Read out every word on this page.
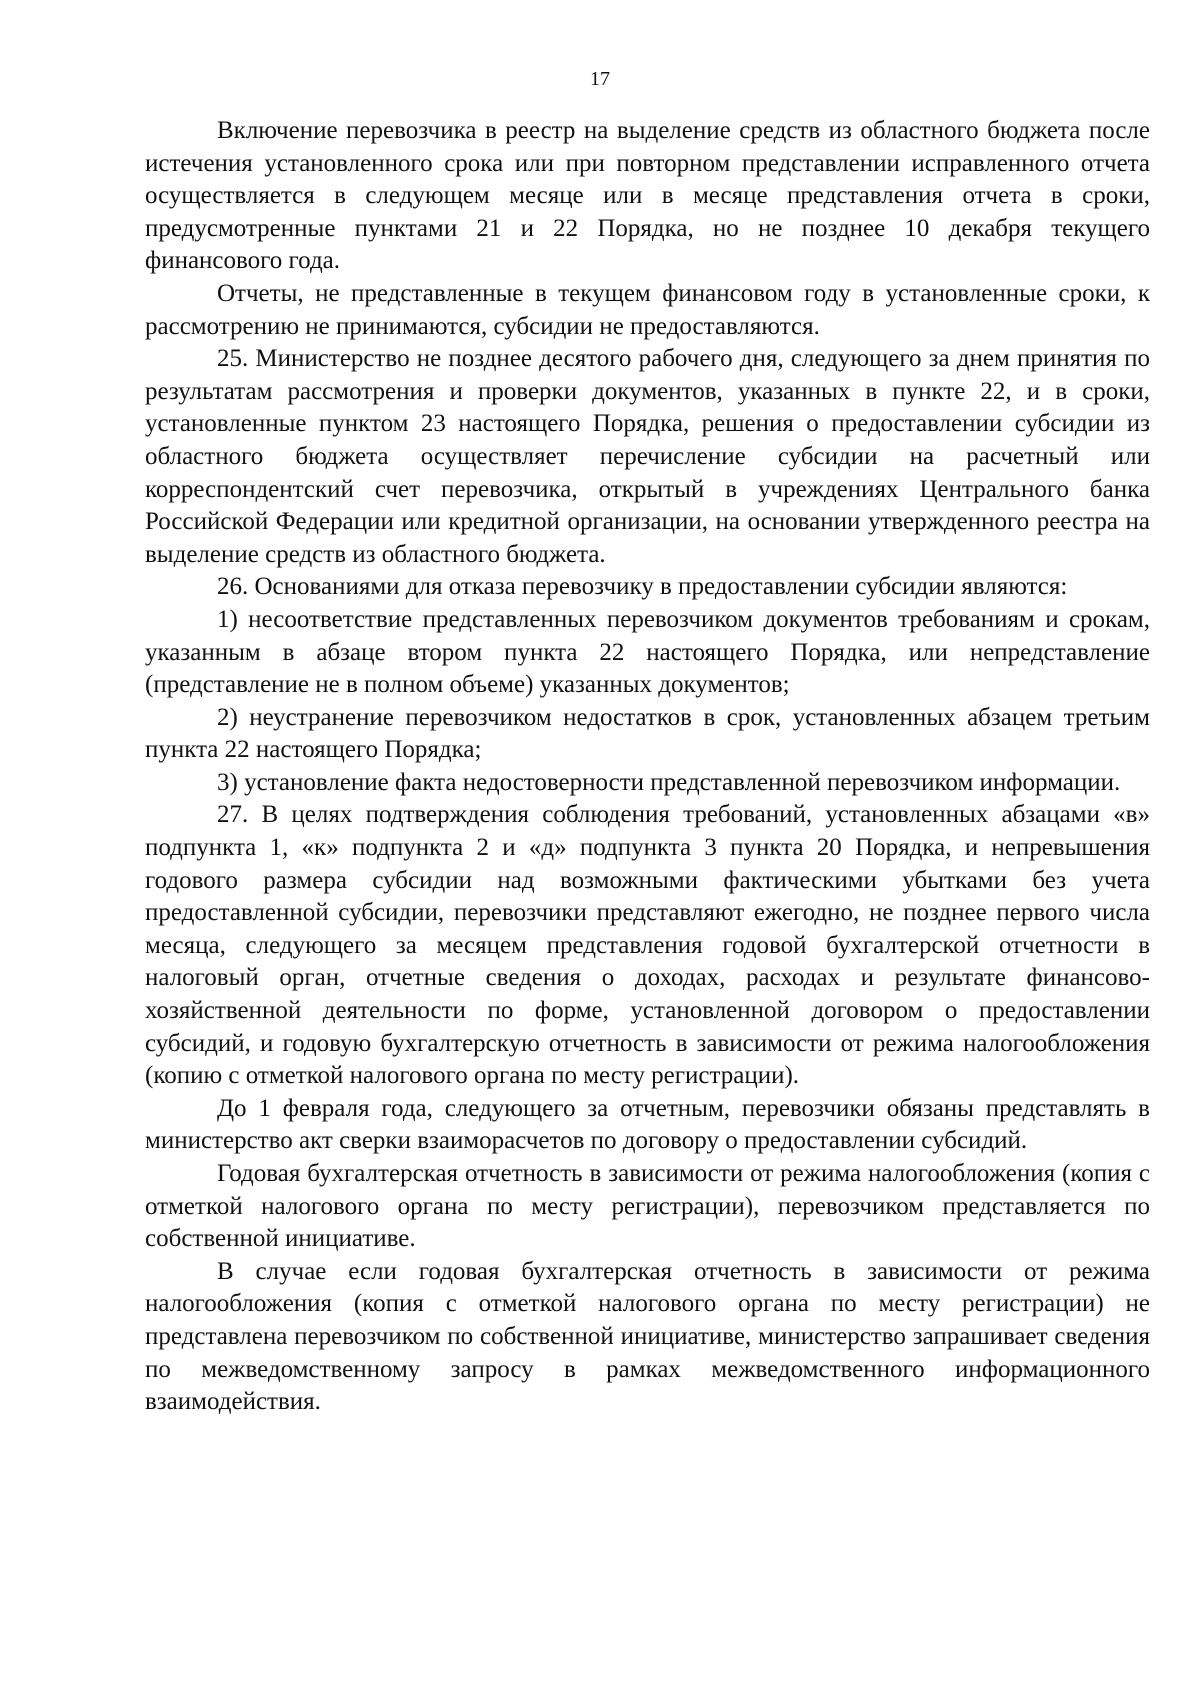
17

Включение перевозчика в реестр на выделение средств из областного бюджета после истечения установленного срока или при повторном представлении исправленного отчета осуществляется в следующем месяце или в месяце представления отчета в сроки, предусмотренные пунктами 21 и 22 Порядка, но не позднее 10 декабря текущего финансового года.

Отчеты, не представленные в текущем финансовом году в установленные сроки, к рассмотрению не принимаются, субсидии не предоставляются.

25. Министерство не позднее десятого рабочего дня, следующего за днем принятия по результатам рассмотрения и проверки документов, указанных в пункте 22, и в сроки, установленные пунктом 23 настоящего Порядка, решения о предоставлении субсидии из областного бюджета осуществляет перечисление субсидии на расчетный или корреспондентский счет перевозчика, открытый в учреждениях Центрального банка Российской Федерации или кредитной организации, на основании утвержденного реестра на выделение средств из областного бюджета.

26. Основаниями для отказа перевозчику в предоставлении субсидии являются:

1) несоответствие представленных перевозчиком документов требованиям и срокам, указанным в абзаце втором пункта 22 настоящего Порядка, или непредставление (представление не в полном объеме) указанных документов;

2) неустранение перевозчиком недостатков в срок, установленных абзацем третьим пункта 22 настоящего Порядка;

3) установление факта недостоверности представленной перевозчиком информации.

27. В целях подтверждения соблюдения требований, установленных абзацами «в» подпункта 1, «к» подпункта 2 и «д» подпункта 3 пункта 20 Порядка, и непревышения годового размера субсидии над возможными фактическими убытками без учета предоставленной субсидии, перевозчики представляют ежегодно, не позднее первого числа месяца, следующего за месяцем представления годовой бухгалтерской отчетности в налоговый орган, отчетные сведения о доходах, расходах и результате финансово-хозяйственной деятельности по форме, установленной договором о предоставлении субсидий, и годовую бухгалтерскую отчетность в зависимости от режима налогообложения (копию с отметкой налогового органа по месту регистрации).

До 1 февраля года, следующего за отчетным, перевозчики обязаны представлять в министерство акт сверки взаиморасчетов по договору о предоставлении субсидий.

Годовая бухгалтерская отчетность в зависимости от режима налогообложения (копия с отметкой налогового органа по месту регистрации), перевозчиком представляется по собственной инициативе.

В случае если годовая бухгалтерская отчетность в зависимости от режима налогообложения (копия с отметкой налогового органа по месту регистрации) не представлена перевозчиком по собственной инициативе, министерство запрашивает сведения по межведомственному запросу в рамках межведомственного информационного взаимодействия.
